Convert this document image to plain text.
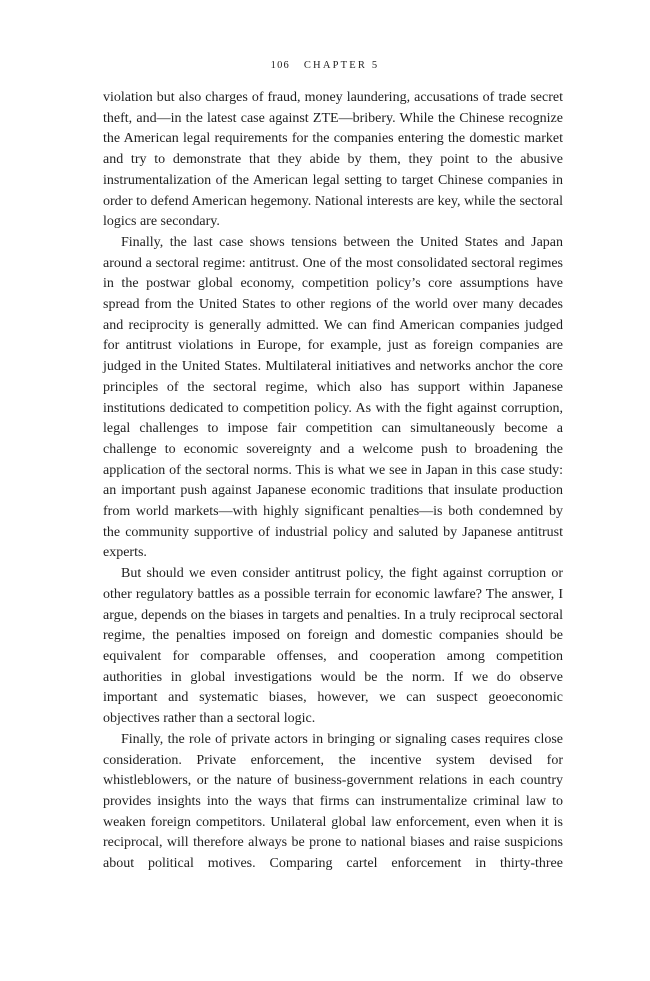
106 CHAPTER 5

violation but also charges of fraud, money laundering, accusations of trade secret theft, and—in the latest case against ZTE—bribery. While the Chinese recognize the American legal requirements for the companies entering the domestic market and try to demonstrate that they abide by them, they point to the abusive instrumentalization of the American legal setting to target Chinese companies in order to defend American hegemony. National interests are key, while the sectoral logics are secondary.

Finally, the last case shows tensions between the United States and Japan around a sectoral regime: antitrust. One of the most consolidated sectoral regimes in the postwar global economy, competition policy’s core assumptions have spread from the United States to other regions of the world over many decades and reciprocity is generally admitted. We can find American companies judged for antitrust violations in Europe, for example, just as foreign companies are judged in the United States. Multilateral initiatives and networks anchor the core principles of the sectoral regime, which also has support within Japanese institutions dedicated to competition policy. As with the fight against corruption, legal challenges to impose fair competition can simultaneously become a challenge to economic sovereignty and a welcome push to broadening the application of the sectoral norms. This is what we see in Japan in this case study: an important push against Japanese economic traditions that insulate production from world markets—with highly significant penalties—is both condemned by the community supportive of industrial policy and saluted by Japanese antitrust experts.

But should we even consider antitrust policy, the fight against corruption or other regulatory battles as a possible terrain for economic lawfare? The answer, I argue, depends on the biases in targets and penalties. In a truly reciprocal sectoral regime, the penalties imposed on foreign and domestic companies should be equivalent for comparable offenses, and cooperation among competition authorities in global investigations would be the norm. If we do observe important and systematic biases, however, we can suspect geoeconomic objectives rather than a sectoral logic.

Finally, the role of private actors in bringing or signaling cases requires close consideration. Private enforcement, the incentive system devised for whistleblowers, or the nature of business-government relations in each country provides insights into the ways that firms can instrumentalize criminal law to weaken foreign competitors. Unilateral global law enforcement, even when it is reciprocal, will therefore always be prone to national biases and raise suspicions about political motives. Comparing cartel enforcement in thirty-three
